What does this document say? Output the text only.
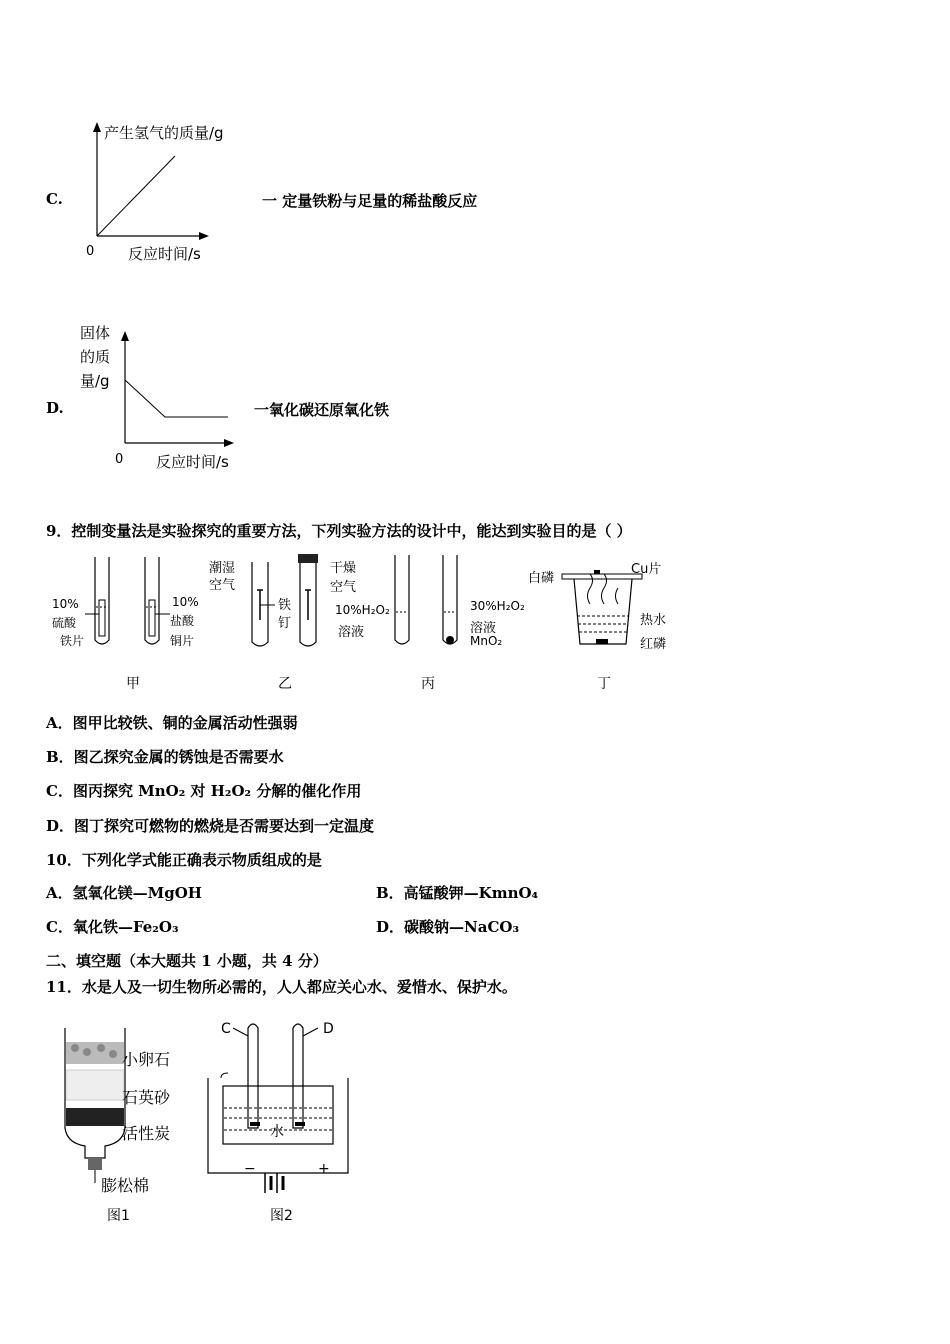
C.
产生氢气的质量/g
0 反应时间/s
一 定量铁粉与足量的稀盐酸反应
D.
固体
的质
量/g
0 反应时间/s
一氧化碳还原氧化铁
9．控制变量法是实验探究的重要方法，下列实验方法的设计中，能达到实验目的是（ ）
10%
硫酸
铁片
10%
盐酸
铜片
甲
潮湿
空气
铁
钉
干燥
空气
乙
10%H₂O₂
溶液
30%H₂O₂
溶液
MnO₂
丙
白磷
Cu片
热水
红磷
丁
A．图甲比较铁、铜的金属活动性强弱
B．图乙探究金属的锈蚀是否需要水
C．图丙探究 MnO₂ 对 H₂O₂ 分解的催化作用
D．图丁探究可燃物的燃烧是否需要达到一定温度
10．下列化学式能正确表示物质组成的是
A．氢氧化镁—MgOH	B．高锰酸钾—KmnO₄
C．氧化铁—Fe₂O₃	D．碳酸钠—NaCO₃
二、填空题（本大题共 1 小题，共 4 分）
11．水是人及一切生物所必需的，人人都应关心水、爱惜水、保护水。
小卵石
石英砂
活性炭
膨松棉
图1
C	D
水
−	+
图2
